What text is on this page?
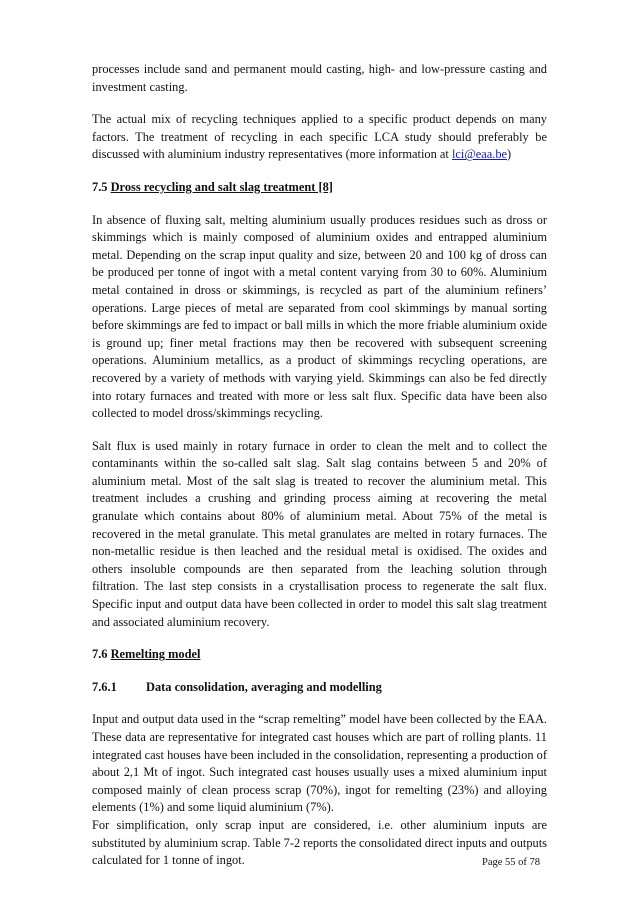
processes include sand and permanent mould casting, high- and low-pressure casting and investment casting.

The actual mix of recycling techniques applied to a specific product depends on many factors. The treatment of recycling in each specific LCA study should preferably be discussed with aluminium industry representatives (more information at lci@eaa.be)

7.5 Dross recycling and salt slag treatment [8]

In absence of fluxing salt, melting aluminium usually produces residues such as dross or skimmings which is mainly composed of aluminium oxides and entrapped aluminium metal. Depending on the scrap input quality and size, between 20 and 100 kg of dross can be produced per tonne of ingot with a metal content varying from 30 to 60%. Aluminium metal contained in dross or skimmings, is recycled as part of the aluminium refiners’ operations. Large pieces of metal are separated from cool skimmings by manual sorting before skimmings are fed to impact or ball mills in which the more friable aluminium oxide is ground up; finer metal fractions may then be recovered with subsequent screening operations. Aluminium metallics, as a product of skimmings recycling operations, are recovered by a variety of methods with varying yield. Skimmings can also be fed directly into rotary furnaces and treated with more or less salt flux. Specific data have been also collected to model dross/skimmings recycling.

Salt flux is used mainly in rotary furnace in order to clean the melt and to collect the contaminants within the so-called salt slag. Salt slag contains between 5 and 20% of aluminium metal. Most of the salt slag is treated to recover the aluminium metal. This treatment includes a crushing and grinding process aiming at recovering the metal granulate which contains about 80% of aluminium metal. About 75% of the metal is recovered in the metal granulate. This metal granulates are melted in rotary furnaces. The non-metallic residue is then leached and the residual metal is oxidised. The oxides and others insoluble compounds are then separated from the leaching solution through filtration. The last step consists in a crystallisation process to regenerate the salt flux. Specific input and output data have been collected in order to model this salt slag treatment and associated aluminium recovery.

7.6 Remelting model
7.6.1 Data consolidation, averaging and modelling

Input and output data used in the “scrap remelting” model have been collected by the EAA. These data are representative for integrated cast houses which are part of rolling plants. 11 integrated cast houses have been included in the consolidation, representing a production of about 2,1 Mt of ingot. Such integrated cast houses usually uses a mixed aluminium input composed mainly of clean process scrap (70%), ingot for remelting (23%) and alloying elements (1%) and some liquid aluminium (7%).

For simplification, only scrap input are considered, i.e. other aluminium inputs are substituted by aluminium scrap. Table 7-2 reports the consolidated direct inputs and outputs calculated for 1 tonne of ingot.	Page 55 of 78
